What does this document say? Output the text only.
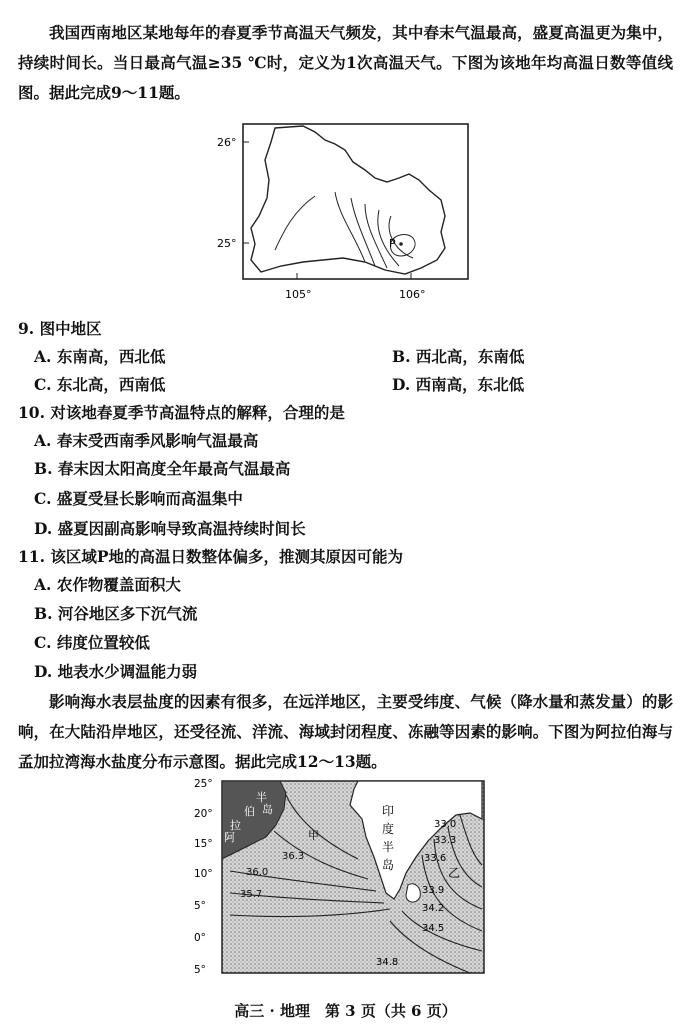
我国西南地区某地每年的春夏季节高温天气频发，其中春末气温最高，盛夏高温更为集中，持续时间长。当日最高气温≥35 ℃时，定义为1次高温天气。下图为该地年均高温日数等值线图。据此完成9～11题。
26°
25°
105°	106°
P
9. 图中地区
A. 东南高，西北低	B. 西北高，东南低
C. 东北高，西南低	D. 西南高，东北低
10. 对该地春夏季节高温特点的解释，合理的是
A. 春末受西南季风影响气温最高
B. 春末因太阳高度全年最高气温最高
C. 盛夏受昼长影响而高温集中
D. 盛夏因副高影响导致高温持续时间长
11. 该区域P地的高温日数整体偏多，推测其原因可能为
A. 农作物覆盖面积大
B. 河谷地区多下沉气流
C. 纬度位置较低
D. 地表水少调温能力弱
影响海水表层盐度的因素有很多，在远洋地区，主要受纬度、气候（降水量和蒸发量）的影响，在大陆沿岸地区，还受径流、洋流、海域封闭程度、冻融等因素的影响。下图为阿拉伯海与孟加拉湾海水盐度分布示意图。据此完成12～13题。
25°
20°
15°
10°
5°
0°
5°
半
岛
伯
拉
阿
印
度
半
岛
甲
乙
36.3
36.0
35.7
33.0
33.3
33.6
33.9
34.2
34.5
34.8
高三 · 地理　第 3 页（共 6 页）
